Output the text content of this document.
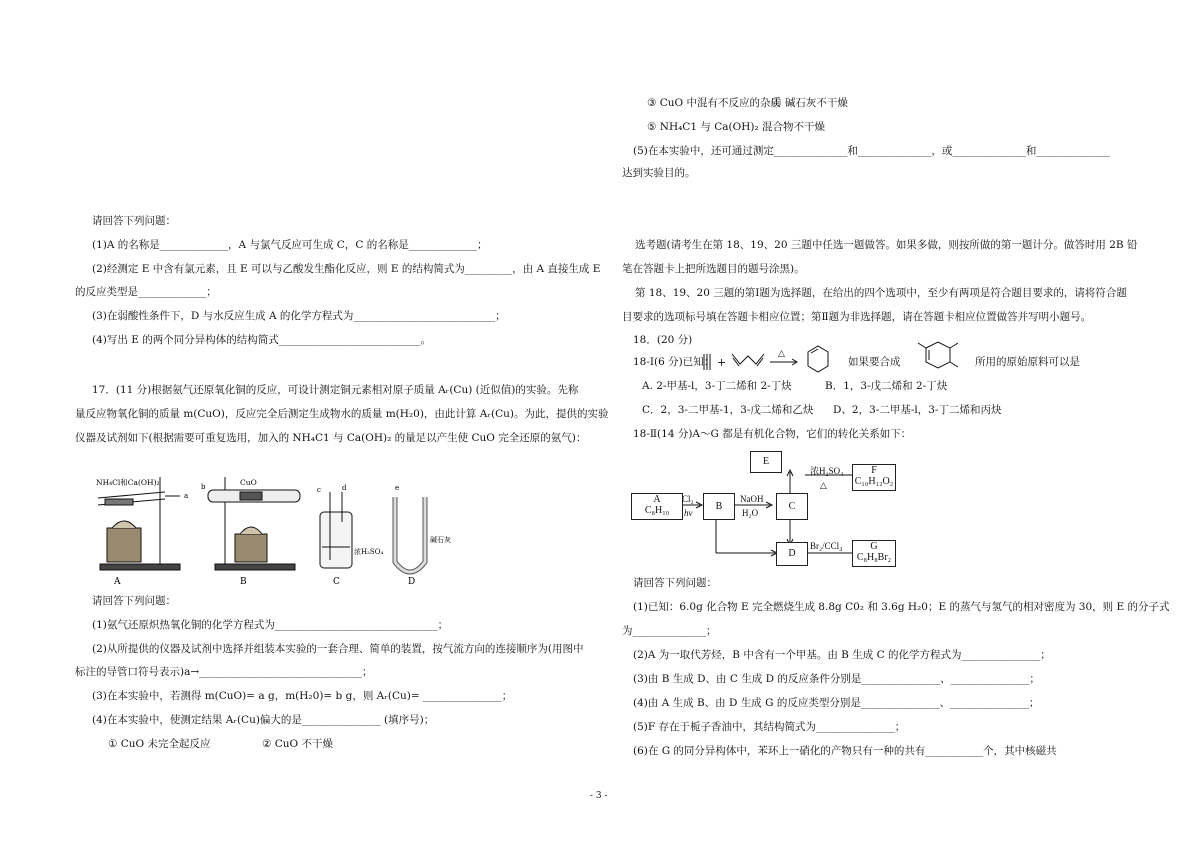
③ CuO 中混有不反应的杂质
④ 碱石灰不干燥
⑤ NH₄C1 与 Ca(OH)₂ 混合物不干燥
(5)在本实验中，还可通过测定______________和______________，或______________和______________
达到实验目的。
选考题(请考生在第 18、19、20 三题中任选一题做答。如果多做，则按所做的第一题计分。做答时用 2B 铅
笔在答题卡上把所选题目的题号涂黑)。
第 18、19、20 三题的第Ⅰ题为选择题，在给出的四个选项中，至少有两项是符合题目要求的，请将符合题
目要求的选项标号填在答题卡相应位置；第Ⅱ题为非选择题，请在答题卡相应位置做答并写明小题号。
18．(20 分)
18-Ⅰ(6 分)已知： +
△
如果要合成	所用的原始原料可以是
A. 2-甲基-l，3-丁二烯和 2-丁炔	B．1，3-戊二烯和 2-丁炔
C．2，3-二甲基-1，3-戊二烯和乙炔 D、2，3-二甲基-l，3-丁二烯和丙炔
18-Ⅱ(14 分)A～G 都是有机化合物，它们的转化关系如下：
E
A
C₈H₁₀	B	C
D
F
C₁₀H₁₂O₂
G
C₈H₈Br₂
Cl₂
hv
NaOH
H₂O
浓H₂SO₄
△
Br₂/CCl₄
请回答下列问题：
(1)已知：6.0g 化合物 E 完全燃烧生成 8.8g C0₂ 和 3.6g H₂0；E 的蒸气与氢气的相对密度为 30，则 E 的分子式
为______________；
(2)A 为一取代芳烃，B 中含有一个甲基。由 B 生成 C 的化学方程式为_______________；
(3)由 B 生成 D、由 C 生成 D 的反应条件分别是_______________、_______________；
(4)由 A 生成 B、由 D 生成 G 的反应类型分别是_______________、_______________；
(5)F 存在于栀子香油中，其结构简式为_______________；
(6)在 G 的同分异构体中，苯环上一硝化的产物只有一种的共有___________个，其中核磁共
请回答下列问题：
(1)A 的名称是_____________，A 与氯气反应可生成 C，C 的名称是_____________；
(2)经测定 E 中含有氯元素，且 E 可以与乙酸发生酯化反应，则 E 的结构简式为_________，由 A 直接生成 E
的反应类型是_____________；
(3)在弱酸性条件下，D 与水反应生成 A 的化学方程式为___________________________；
(4)写出 E 的两个同分异构体的结构简式___________________________。
17．(11 分)根据氨气还原氧化铜的反应，可设计测定铜元素相对原子质量 Aᵣ(Cu) (近似值)的实验。先称
量反应物氧化铜的质量 m(CuO)，反应完全后测定生成物水的质量 m(H₂0)，由此计算 Aᵣ(Cu)。为此，提供的实验
仪器及试剂如下(根据需要可重复选用，加入的 NH₄C1 与 Ca(OH)₂ 的量足以产生使 CuO 完全还原的氨气)：
A	B	C	D
NH₄Cl和Ca(OH)₂	CuO
浓H₂SO₄
碱石灰
a
b	c	d	e
请回答下列问题：
(1)氨气还原炽热氧化铜的化学方程式为_______________________________；
(2)从所提供的仪器及试剂中选择并组装本实验的一套合理、简单的装置，按气流方向的连接顺序为(用图中
标注的导管口符号表示)a→_______________________________；
(3)在本实验中，若测得 m(CuO)= a g，m(H₂0)= b g，则 Aᵣ(Cu)= _______________；
(4)在本实验中，使测定结果 Aᵣ(Cu)偏大的是_______________ (填序号)；
① CuO 未完全起反应	② CuO 不干燥
- 3 -
